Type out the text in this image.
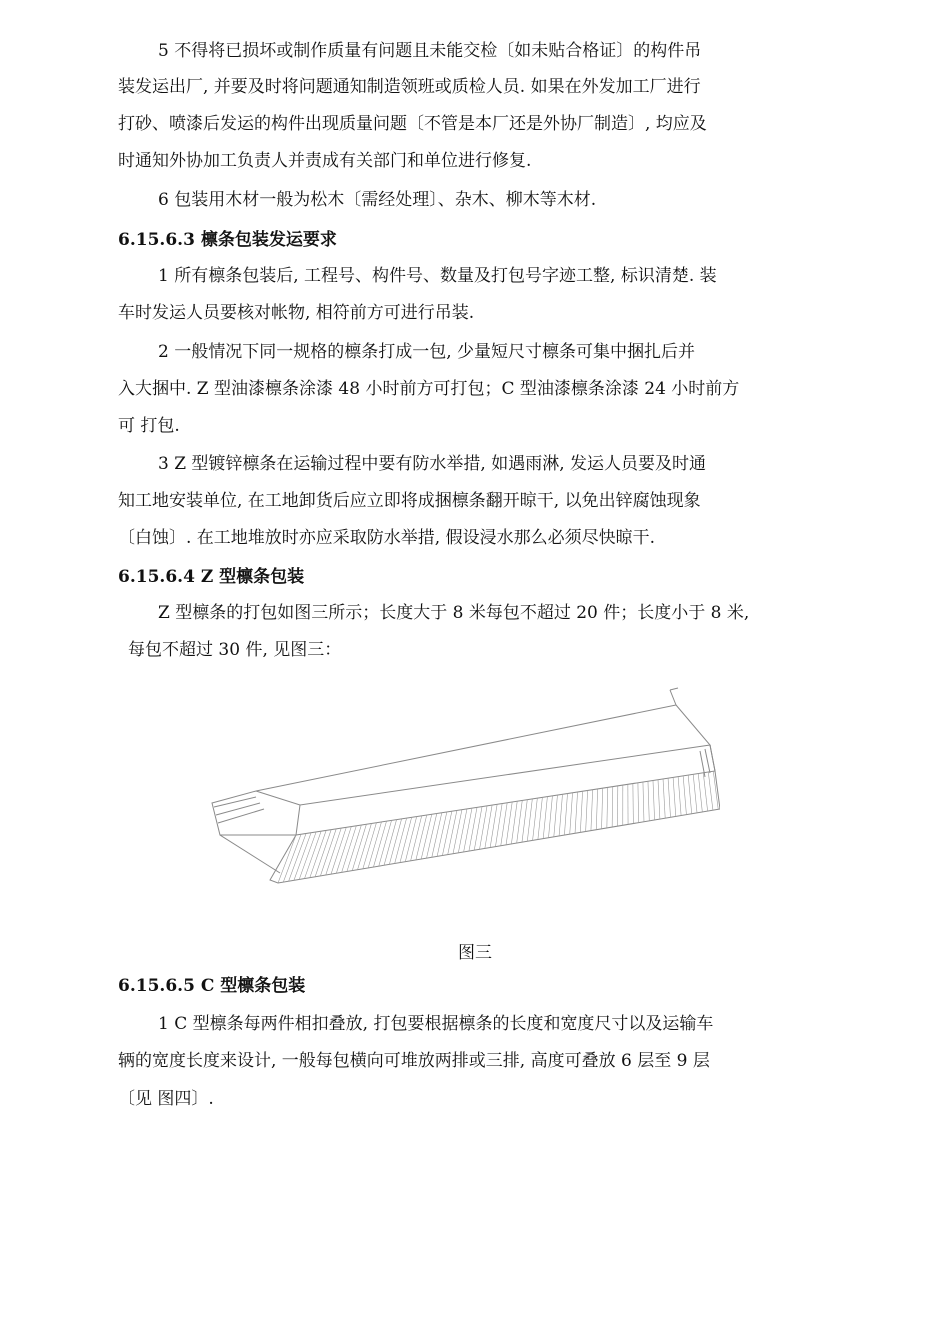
5 不得将已损坏或制作质量有问题且未能交检〔如未贴合格证〕的构件吊
装发运出厂, 并要及时将问题通知制造领班或质检人员. 如果在外发加工厂进行
打砂、喷漆后发运的构件出现质量问题〔不管是本厂还是外协厂制造〕, 均应及
时通知外协加工负责人并责成有关部门和单位进行修复.
6 包装用木材一般为松木〔需经处理〕、杂木、柳木等木材.
6.15.6.3 檩条包装发运要求
1 所有檩条包装后, 工程号、构件号、数量及打包号字迹工整, 标识清楚. 装
车时发运人员要核对帐物, 相符前方可进行吊装.
2 一般情况下同一规格的檩条打成一包, 少量短尺寸檩条可集中捆扎后并
入大捆中. Z 型油漆檩条涂漆 48 小时前方可打包；C 型油漆檩条涂漆 24 小时前方
可 打包.
3 Z 型镀锌檩条在运输过程中要有防水举措, 如遇雨淋, 发运人员要及时通
知工地安装单位, 在工地卸货后应立即将成捆檩条翻开晾干, 以免出锌腐蚀现象
〔白蚀〕. 在工地堆放时亦应采取防水举措, 假设浸水那么必须尽快晾干.
6.15.6.4 Z 型檩条包装
Z 型檩条的打包如图三所示；长度大于 8 米每包不超过 20 件；长度小于 8 米,
每包不超过 30 件, 见图三：
6.15.6.5 C 型檩条包装
1 C 型檩条每两件相扣叠放, 打包要根据檩条的长度和宽度尺寸以及运输车
辆的宽度长度来设计, 一般每包横向可堆放两排或三排, 高度可叠放 6 层至 9 层
〔见 图四〕.
图三
